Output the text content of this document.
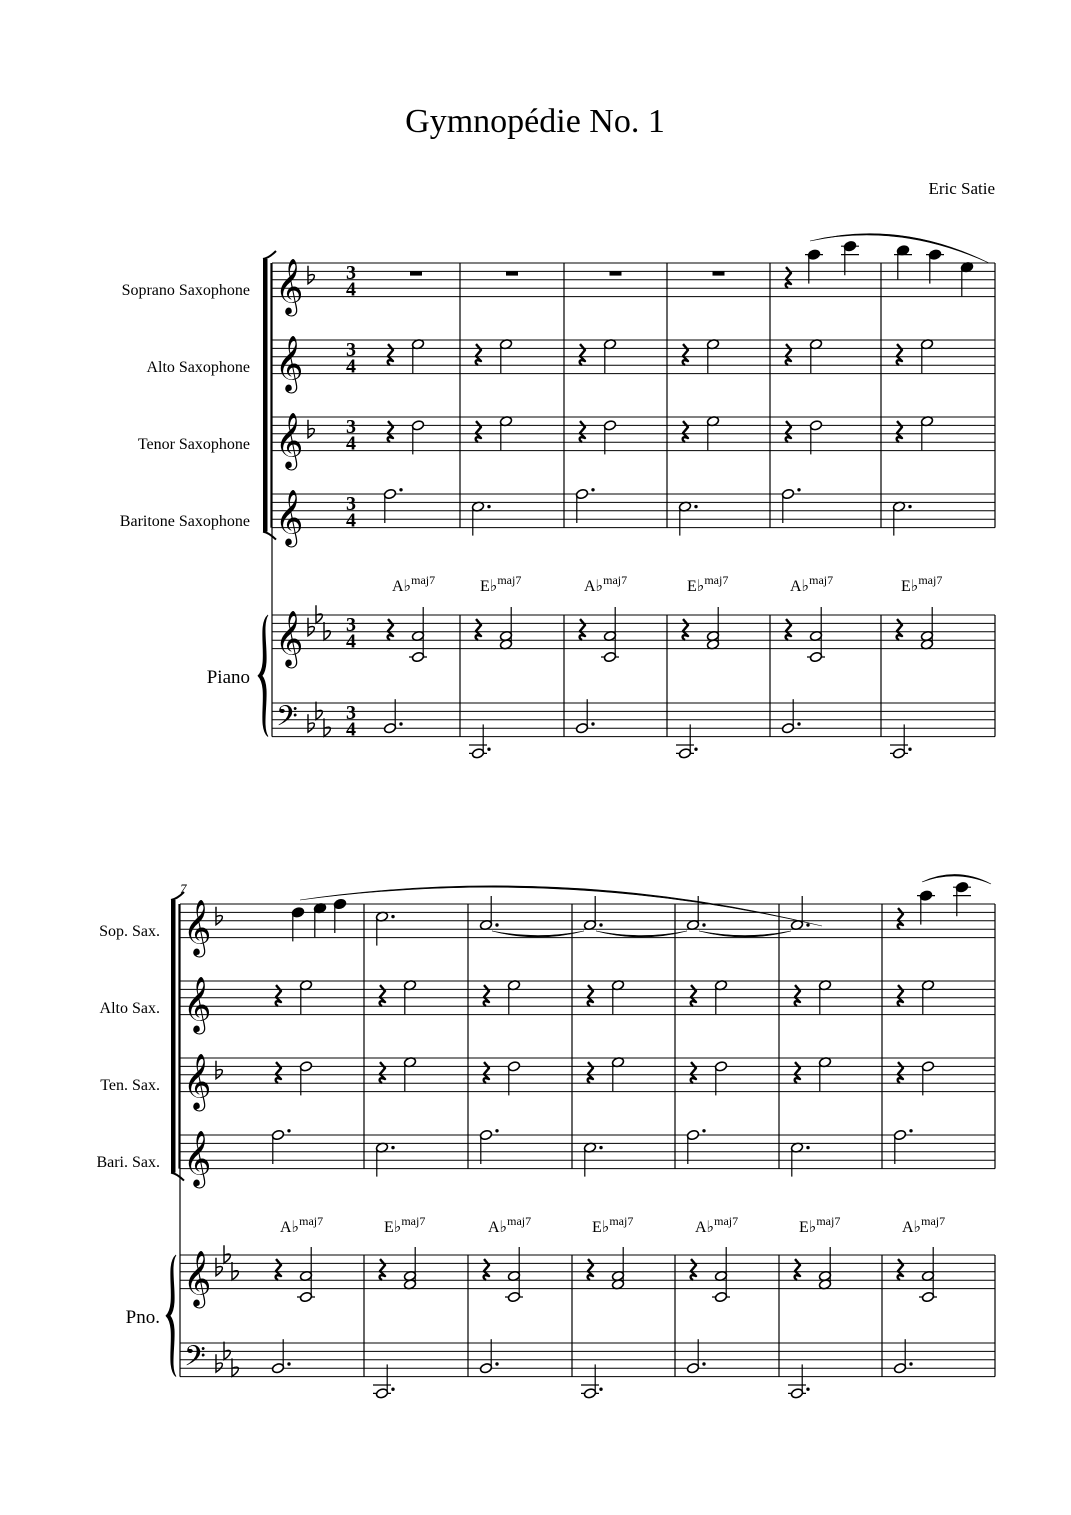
Gymnopédie No. 1
Eric Satie
Soprano Saxophone
Alto Saxophone
Tenor Saxophone
Baritone Saxophone
Piano
Sop. Sax.
Alto Sax.
Ten. Sax.
Bari. Sax.
Pno.
7
𝄞
𝄞
𝄞
𝄞
𝄞
𝄢
3
4
3
4
3
4
3
4
3
4
3
4
A♭$^{maj7}$	E♭$^{maj7}$	A♭$^{maj7}$	E♭$^{maj7}$	A♭$^{maj7}$	E♭$^{maj7}$
𝄞
𝄞
𝄞
𝄞
𝄞
𝄢
A♭$^{maj7}$	E♭$^{maj7}$	A♭$^{maj7}$	E♭$^{maj7}$	A♭$^{maj7}$	E♭$^{maj7}$	A♭$^{maj7}$
